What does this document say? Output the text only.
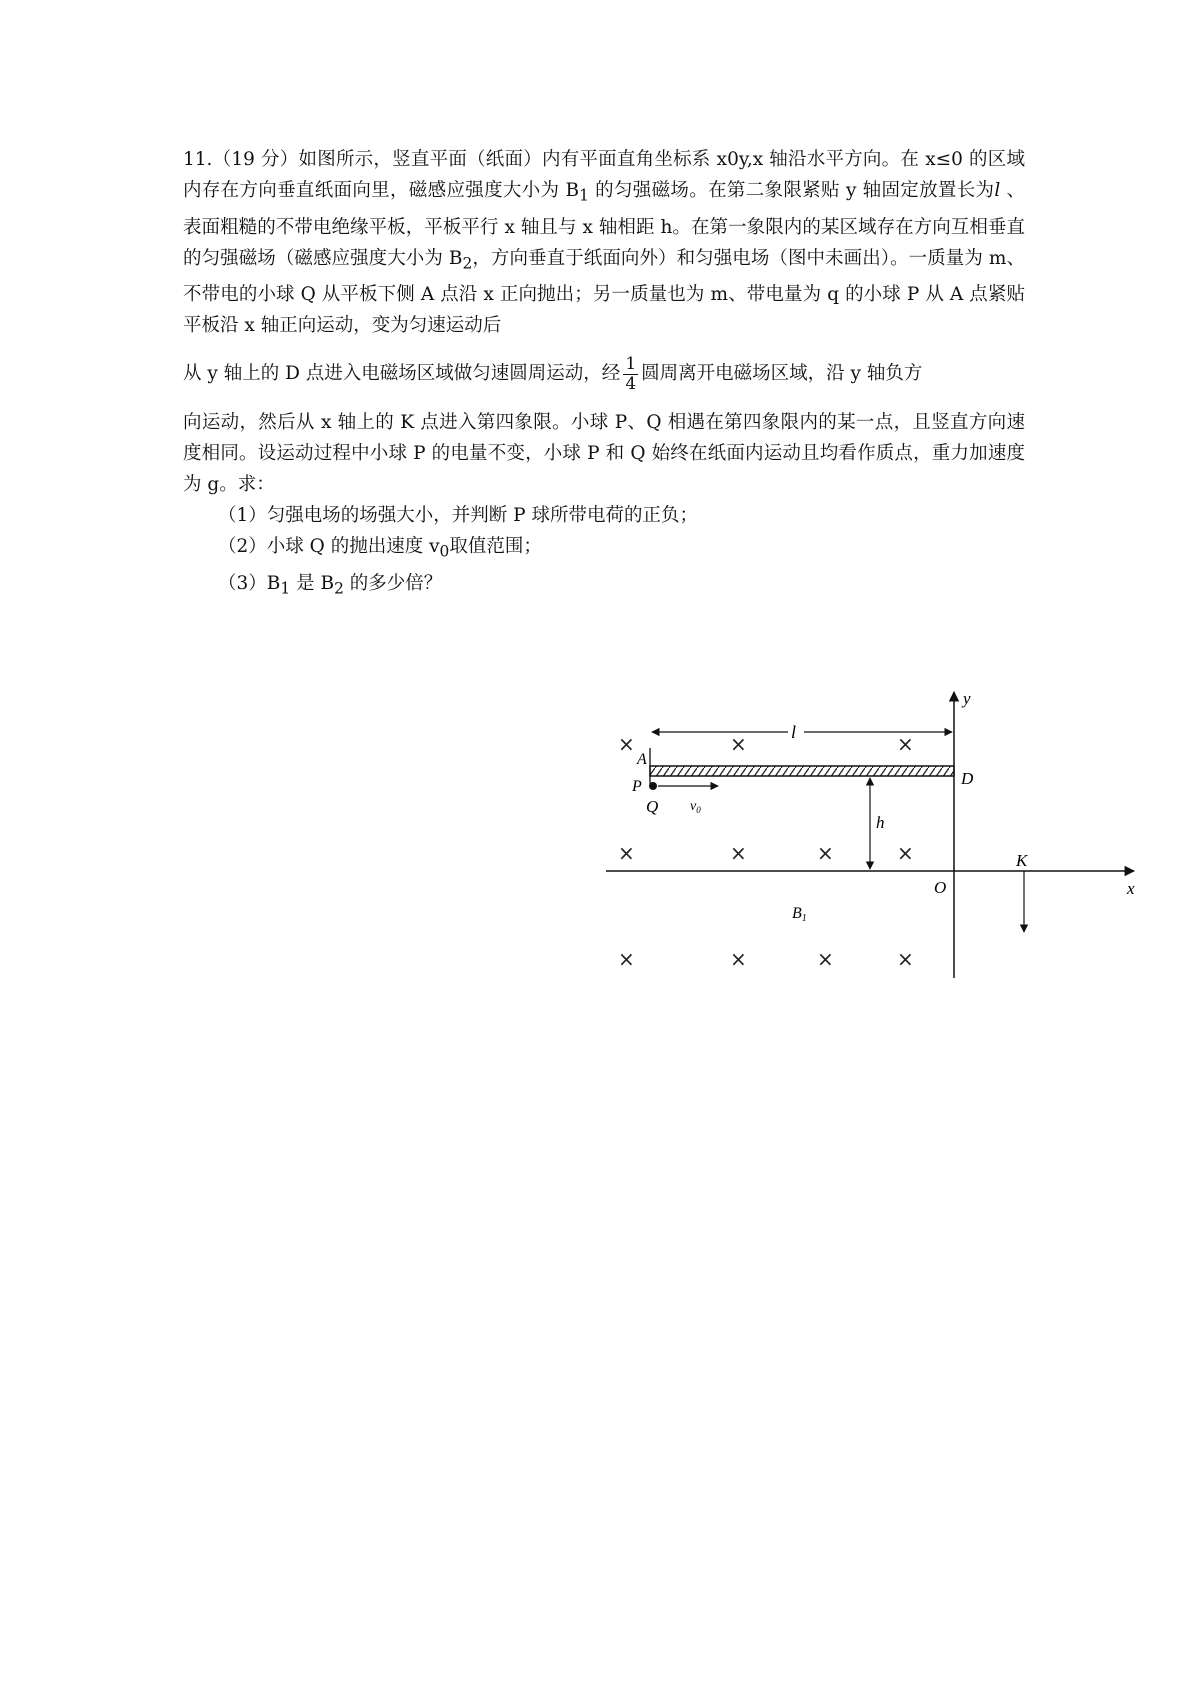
11.（19 分）如图所示，竖直平面（纸面）内有平面直角坐标系 x0y,x 轴沿水平方向。在 x≤0 的区域内存在方向垂直纸面向里，磁感应强度大小为 $B_1$ 的匀强磁场。在第二象限紧贴 y 轴固定放置长为l 、表面粗糙的不带电绝缘平板，平板平行 x 轴且与 x 轴相距 h。在第一象限内的某区域存在方向互相垂直的匀强磁场（磁感应强度大小为 $B_2$，方向垂直于纸面向外）和匀强电场（图中未画出）。一质量为 m、不带电的小球 Q 从平板下侧 A 点沿 x 正向抛出；另一质量也为 m、带电量为 q 的小球 P 从 A 点紧贴平板沿 x 轴正向运动，变为匀速运动后

从 y 轴上的 D 点进入电磁场区域做匀速圆周运动，经 $\frac{1}{4}$ 圆周离开电磁场区域，沿 y 轴负方

向运动，然后从 x 轴上的 K 点进入第四象限。小球 P、Q 相遇在第四象限内的某一点，且竖直方向速度相同。设运动过程中小球 P 的电量不变，小球 P 和 Q 始终在纸面内运动且均看作质点，重力加速度为 g。求：

（1）匀强电场的场强大小，并判断 P 球所带电荷的正负；

（2）小球 Q 的抛出速度 $v_0$取值范围；

$(3)B_1$ 是 $B_2$ 的多少倍？

y
x
O
l
h
A
P
Q $v_0$
D
K
B1
×	×	×
×	×	×	×
×	×	×	×
